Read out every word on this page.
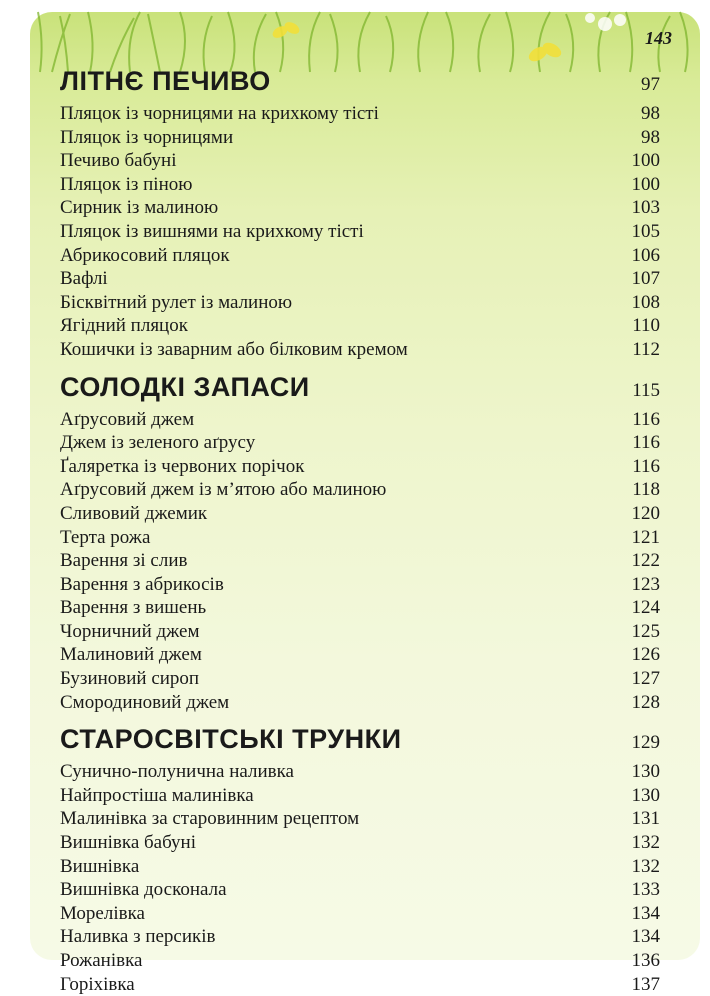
143
ЛІТНЄ ПЕЧИВО	97
Пляцок із чорницями на крихкому тісті	98
Пляцок із чорницями	98
Печиво бабуні	100
Пляцок із піною	100
Сирник із малиною	103
Пляцок із вишнями на крихкому тісті	105
Абрикосовий пляцок	106
Вафлі	107
Бісквітний рулет із малиною	108
Ягідний пляцок	110
Кошички із заварним або білковим кремом	112
СОЛОДКІ ЗАПАСИ	115
Аґрусовий джем	116
Джем із зеленого аґрусу	116
Ґаляретка із червоних порічок	116
Аґрусовий джем із м’ятою або малиною	118
Сливовий джемик	120
Терта рожа	121
Варення зі слив	122
Варення з абрикосів	123
Варення з вишень	124
Чорничний джем	125
Малиновий джем	126
Бузиновий сироп	127
Смородиновий джем	128
СТАРОСВІТСЬКІ ТРУНКИ	129
Сунично-полунична наливка	130
Найпростіша малинівка	130
Малинівка за старовинним рецептом	131
Вишнівка бабуні	132
Вишнівка	132
Вишнівка досконала	133
Морелівка	134
Наливка з персиків	134
Рожанівка	136
Горіхівка	137
